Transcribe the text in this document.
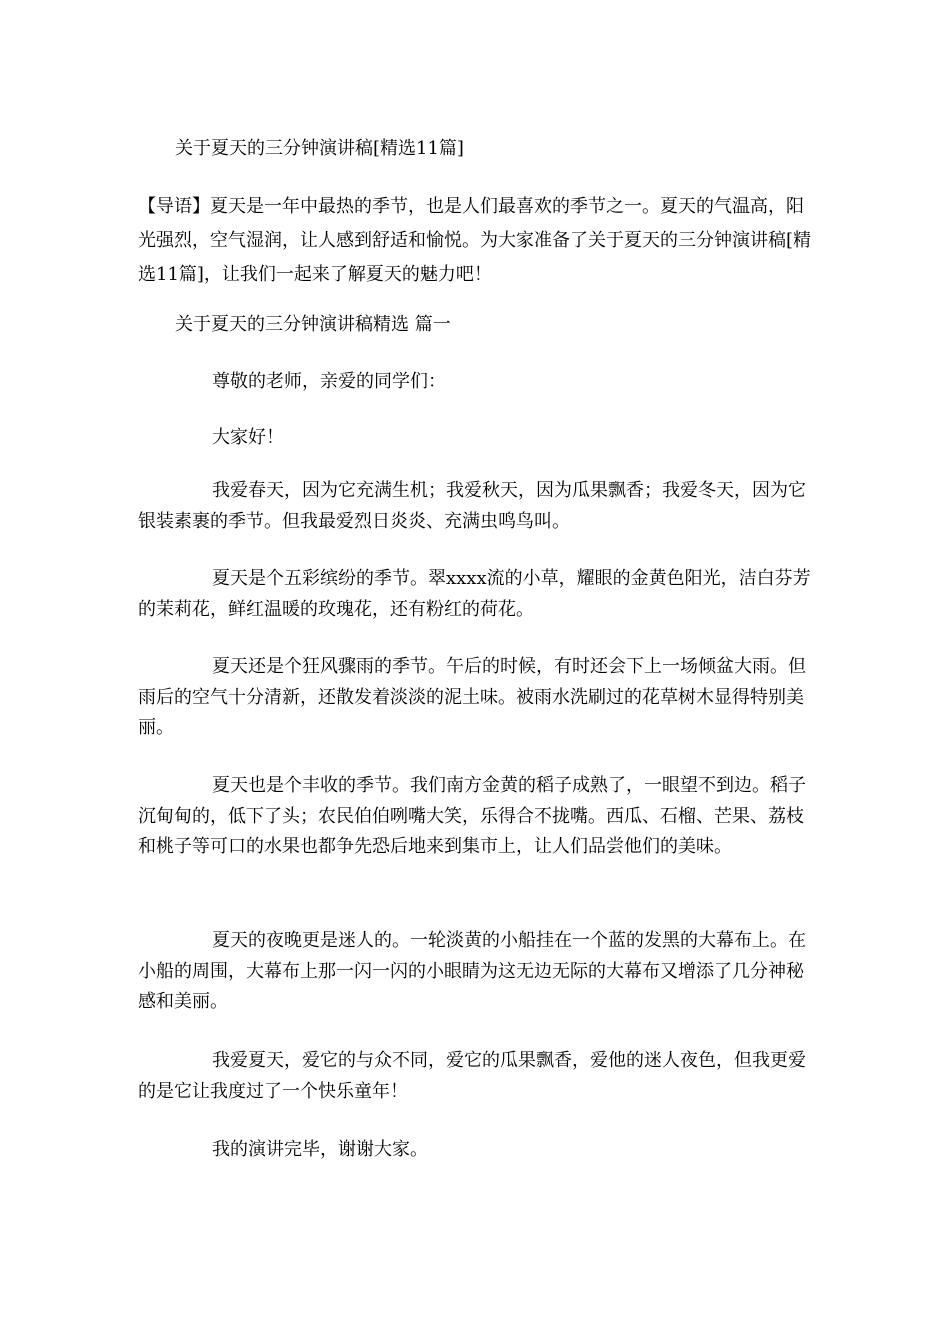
关于夏天的三分钟演讲稿[精选11篇]
【导语】夏天是一年中最热的季节，也是人们最喜欢的季节之一。夏天的气温高，阳光强烈，空气湿润，让人感到舒适和愉悦。为大家准备了关于夏天的三分钟演讲稿[精选11篇]，让我们一起来了解夏天的魅力吧！
关于夏天的三分钟演讲稿精选 篇一
尊敬的老师，亲爱的同学们：
大家好！
我爱春天，因为它充满生机；我爱秋天，因为瓜果飘香；我爱冬天，因为它银装素裹的季节。但我最爱烈日炎炎、充满虫鸣鸟叫。
夏天是个五彩缤纷的季节。翠xxxx流的小草，耀眼的金黄色阳光，洁白芬芳的茉莉花，鲜红温暖的玫瑰花，还有粉红的荷花。
夏天还是个狂风骤雨的季节。午后的时候，有时还会下上一场倾盆大雨。但雨后的空气十分清新，还散发着淡淡的泥土味。被雨水洗刷过的花草树木显得特别美丽。
夏天也是个丰收的季节。我们南方金黄的稻子成熟了，一眼望不到边。稻子沉甸甸的，低下了头；农民伯伯咧嘴大笑，乐得合不拢嘴。西瓜、石榴、芒果、荔枝和桃子等可口的水果也都争先恐后地来到集市上，让人们品尝他们的美味。
夏天的夜晚更是迷人的。一轮淡黄的小船挂在一个蓝的发黑的大幕布上。在小船的周围，大幕布上那一闪一闪的小眼睛为这无边无际的大幕布又增添了几分神秘感和美丽。
我爱夏天，爱它的与众不同，爱它的瓜果飘香，爱他的迷人夜色，但我更爱的是它让我度过了一个快乐童年！
我的演讲完毕，谢谢大家。
